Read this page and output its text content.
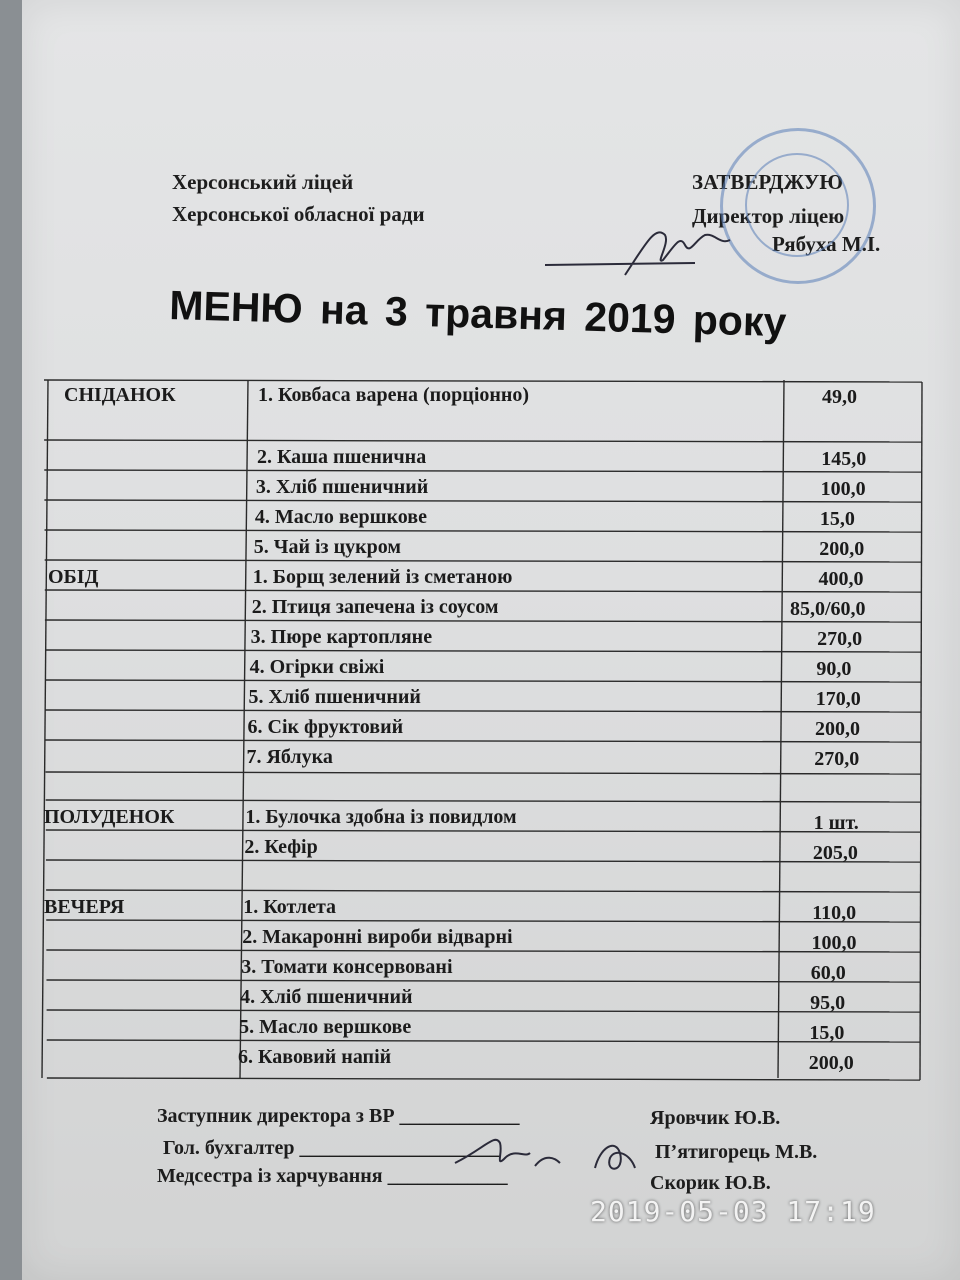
Херсонський ліцей
Херсонської обласної ради
ЗАТВЕРДЖУЮ
Директор ліцею
Рябуха М.І.
МЕНЮ на 3 травня 2019 року
СНІДАНОК	1. Ковбаса варена (порціонно)	49,0
2. Каша пшенична	145,0
3. Хліб пшеничний	100,0
4. Масло вершкове	15,0
5. Чай із цукром	200,0
ОБІД	1. Борщ зелений із сметаною	400,0
2. Птиця запечена із соусом	85,0/60,0
3. Пюре картопляне	270,0
4. Огірки свіжі	90,0
5. Хліб пшеничний	170,0
6. Сік фруктовий	200,0
7. Яблука	270,0
ПОЛУДЕНОК	1. Булочка здобна із повидлом	1 шт.
2. Кефір	205,0
ВЕЧЕРЯ	1. Котлета	110,0
2. Макаронні вироби відварні	100,0
3. Томати консервовані	60,0
4. Хліб пшеничний	95,0
5. Масло вершкове	15,0
6. Кавовий напій	200,0
Заступник директора з ВР ____________	Яровчик Ю.В.
Гол. бухгалтер ____________________	П’ятигорець М.В.
Медсестра із харчування ____________	Скорик Ю.В.
2019-05-03 17:19
